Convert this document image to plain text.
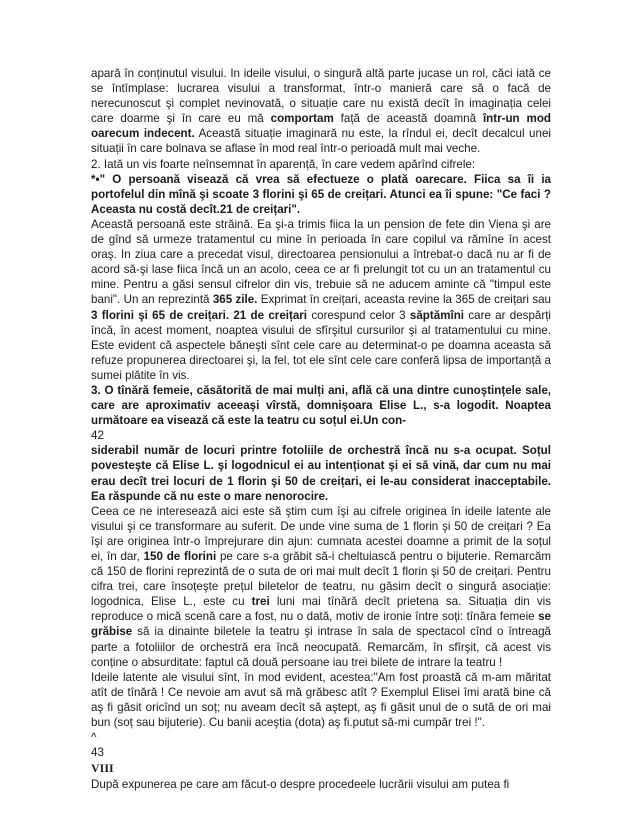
apară în conținutul visului. In ideile visului, o singură altă parte jucase un rol, căci iată ce se întîmplase: lucrarea visului a transformat, într-o manieră care să o facă de nerecunoscut şi complet nevinovată, o situație care nu există decît în imaginația celei care doarme şi în care eu mă comportam față de această doamnă într-un mod oarecum indecent. Această situație imaginară nu este, la rîndul ei, decît decalcul unei situații în care bolnava se aflase în mod real într-o perioadă mult mai veche.

2. Iată un vis foarte neînsemnat în aparență, în care vedem apărînd cifrele:

*•" O persoană visează că vrea să efectueze o plată oarecare. Fiica sa îi ia portofelul din mînă şi scoate 3 florini şi 65 de creițari. Atunci ea îi spune: "Ce faci ? Aceasta nu costă decît.21 de creițari".

Această persoană este străină. Ea şi-a trimis fiica la un pension de fete din Viena şi are de gînd să urmeze tratamentul cu mine în perioada în care copilul va rămîne în acest oraş. In ziua care a precedat visul, directoarea pensionului a întrebat-o dacă nu ar fi de acord să-şi lase fiica încă un an acolo, ceea ce ar fi prelungit tot cu un an tratamentul cu mine. Pentru a găsi sensul cifrelor din vis, trebuie să ne aducem aminte că "timpul este bani". Un an reprezintă 365 zile. Exprimat în creițari, aceasta revine la 365 de creițari sau 3 florini şi 65 de creițari. 21 de creițari corespund celor 3 săptămîni care ar despărți încă, în acest moment, noaptea visului de sfîrşitul cursurilor şi al tratamentului cu mine. Este evident că aspectele băneşti sînt cele care au determinat-o pe doamna aceasta să refuze propunerea directoarei şi, la fel, tot ele sînt cele care conferă lipsa de importanță a sumei plătite în vis.

3. O tînără femeie, căsătorită de mai mulți ani, află că una dintre cunoştințele sale, care are aproximativ aceeaşi vîrstă, domnişoara Elise L., s-a logodit. Noaptea următoare ea visează că este la teatru cu soțul ei.Un con-

42

siderabil număr de locuri printre fotoliile de orchestră încă nu s-a ocupat. Soțul povesteşte că Elise L. şi logodnicul ei au intenționat şi ei să vină, dar cum nu mai erau decît trei locuri de 1 florin şi 50 de creițari, ei le-au considerat inacceptabile. Ea răspunde că nu este o mare nenorocire.

Ceea ce ne interesează aici este să ştim cum îşi au cifrele originea în ideile latente ale visului şi ce transformare au suferit. De unde vine suma de 1 florin şi 50 de creițari ? Ea îşi are originea într-o împrejurare din ajun: cumnata acestei doamne a primit de la soțul ei, în dar, 150 de florini pe care s-a grăbit să-i cheltuiască pentru o bijuterie. Remarcăm că 150 de florini reprezintă de o suta de ori mai mult decît 1 florin şi 50 de creițari. Pentru cifra trei, care însoțeşte prețul biletelor de teatru, nu găsim decît o singură asociație: logodnica, Elise L., este cu trei luni mai tînără decît prietena sa. Situația din vis reproduce o mică scenă care a fost, nu o dată, motiv de ironie între soți: tînăra femeie se grăbise să ia dinainte biletele la teatru şi intrase în sala de spectacol cînd o întreagă parte a fotoliilor de orchestră era încă neocupată. Remarcăm, în sfîrşit, că acest vis conține o absurditate: faptul că două persoane iau trei bilete de intrare la teatru !

Ideile latente ale visului sînt, în mod evident, acestea:"Am fost proastă că m-am măritat atît de tînără ! Ce nevoie am avut să mă grăbesc atît ? Exemplul Elisei îmi arată bine că aş fi găsit oricînd un soț; nu aveam decît să aştept, aş fi găsit unul de o sută de ori mai bun (soț sau bijuterie). Cu banii aceştia (dota) aş fi.putut să-mi cumpăr trei !".

^

43

VIII

După expunerea pe care am făcut-o despre procedeele lucrării visului am putea fi
